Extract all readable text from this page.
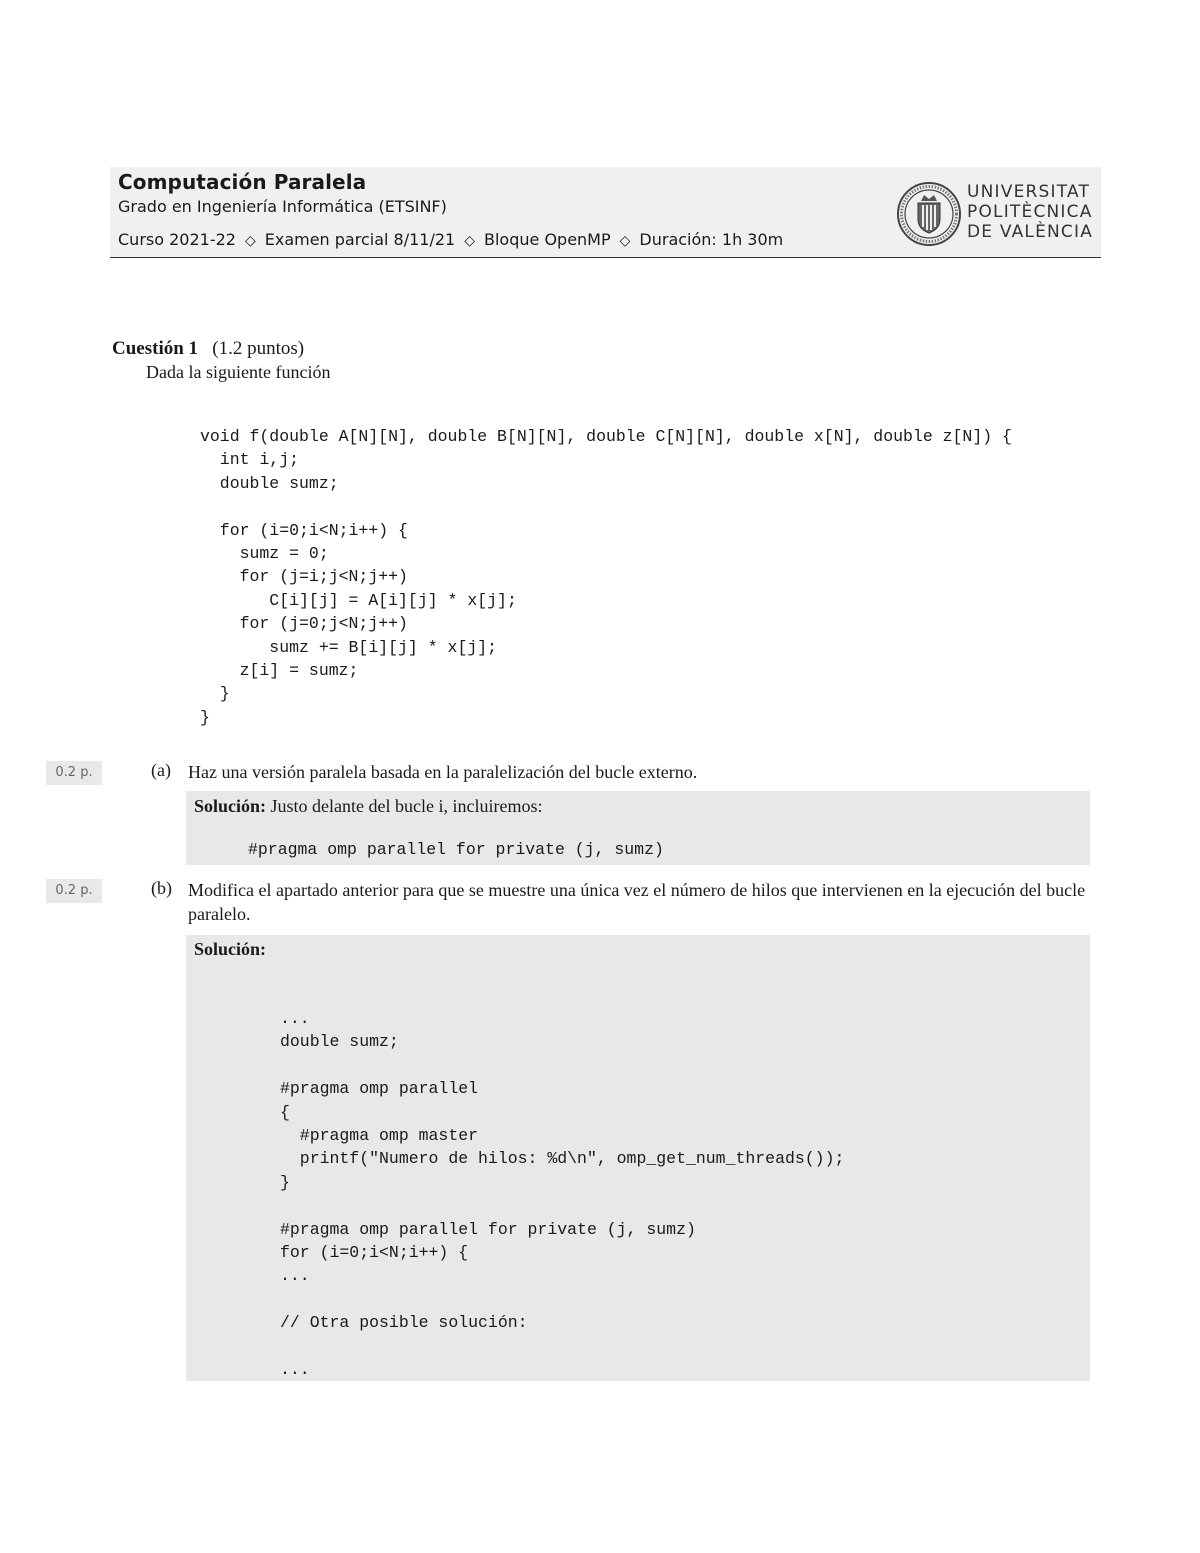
Computación Paralela
Grado en Ingeniería Informática (ETSINF)
Curso 2021-22 ◇ Examen parcial 8/11/21 ◇ Bloque OpenMP ◇ Duración: 1h 30m
UNIVERSITAT
POLITÈCNICA
DE VALÈNCIA
Cuestión 1 (1.2 puntos)
Dada la siguiente función
void f(double A[N][N], double B[N][N], double C[N][N], double x[N], double z[N]) {
int i,j;
double sumz;

for (i=0;i<N;i++) {
sumz = 0;
for (j=i;j<N;j++)
C[i][j] = A[i][j] * x[j];
for (j=0;j<N;j++)
sumz += B[i][j] * x[j];
z[i] = sumz;
}
}
0.2 p.	(a) Haz una versión paralela basada en la paralelización del bucle externo.
Solución: Justo delante del bucle i, incluiremos:
#pragma omp parallel for private (j, sumz)
0.2 p.	(b) Modifica el apartado anterior para que se muestre una única vez el número de hilos que intervienen en la ejecución del bucle paralelo.
Solución:
...
double sumz;

#pragma omp parallel
{
#pragma omp master
printf("Numero de hilos: %d\n", omp_get_num_threads());
}

#pragma omp parallel for private (j, sumz)
for (i=0;i<N;i++) {
...

// Otra posible solución:

...
